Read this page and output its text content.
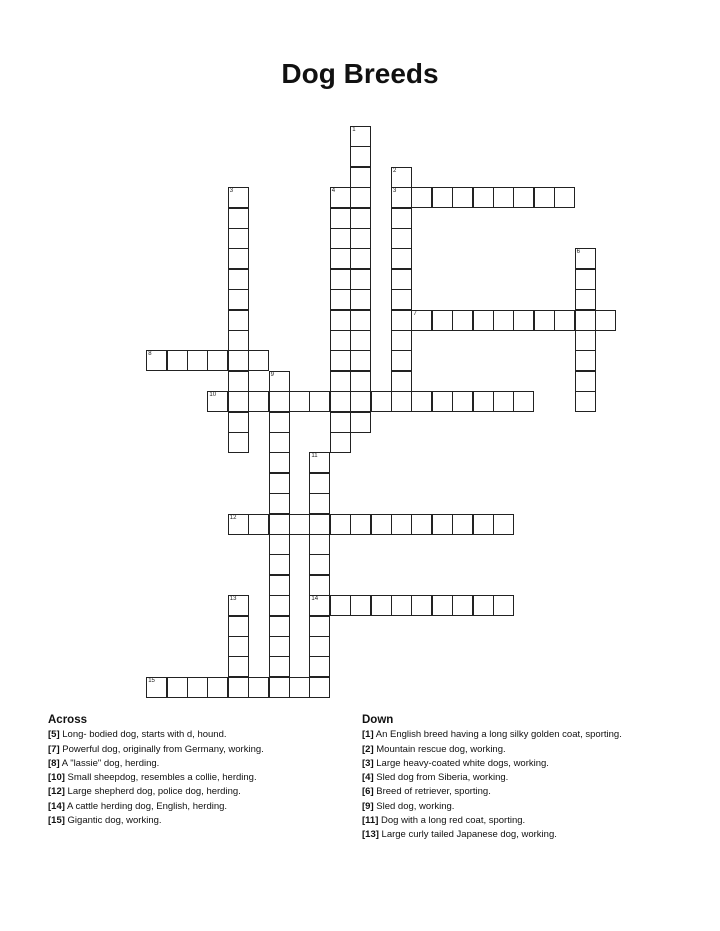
Dog Breeds
1
2
3
3	4
6
7
8
9
10
11
14
12
13
15
Across
[5] Long- bodied dog, starts with d, hound.
[7] Powerful dog, originally from Germany, working.
[8] A "lassie" dog, herding.
[10] Small sheepdog, resembles a collie, herding.
[12] Large shepherd dog, police dog, herding.
[14] A cattle herding dog, English, herding.
[15] Gigantic dog, working.
Down
[1] An English breed having a long silky golden coat, sporting.
[2] Mountain rescue dog, working.
[3] Large heavy-coated white dogs, working.
[4] Sled dog from Siberia, working.
[6] Breed of retriever, sporting.
[9] Sled dog, working.
[11] Dog with a long red coat, sporting.
[13] Large curly tailed Japanese dog, working.
